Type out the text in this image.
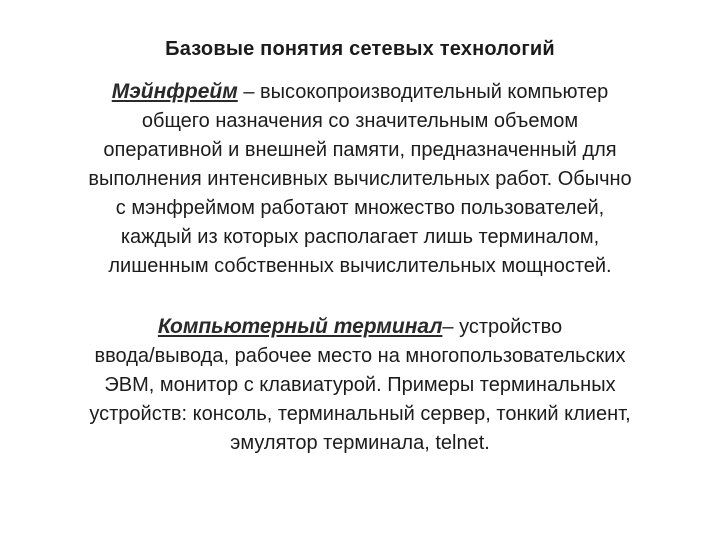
Базовые понятия сетевых технологий
Мэйнфрейм – высокопроизводительный компьютер
общего назначения со значительным объемом
оперативной и внешней памяти, предназначенный для
выполнения интенсивных вычислительных работ. Обычно
с мэнфреймом работают множество пользователей,
каждый из которых располагает лишь терминалом,
лишенным собственных вычислительных мощностей.
Компьютерный терминал– устройство
ввода/вывода, рабочее место на многопользовательских
ЭВМ, монитор с клавиатурой. Примеры терминальных
устройств: консоль, терминальный сервер, тонкий клиент,
эмулятор терминала, telnet.
